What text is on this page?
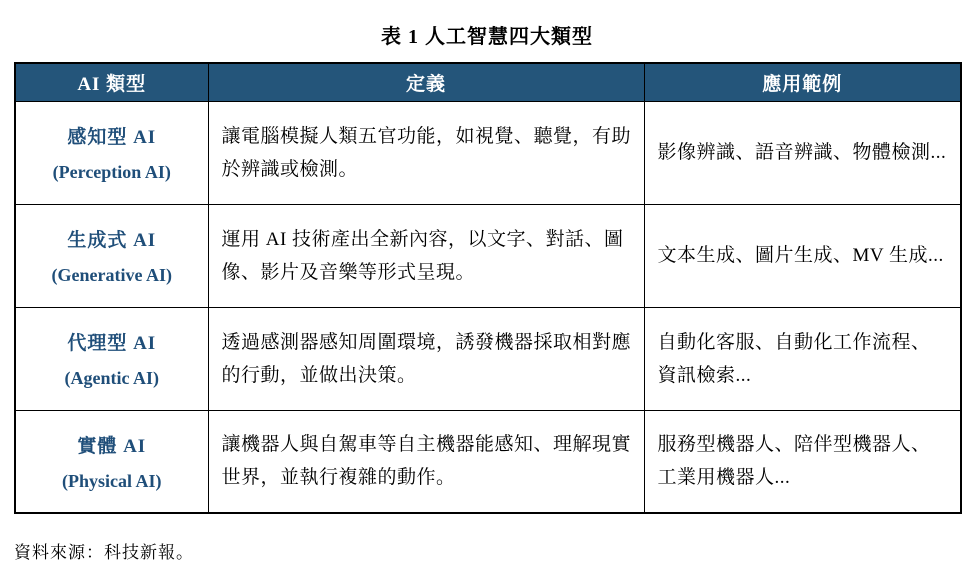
表 1 人工智慧四大類型
AI 類型	定義	應用範例

感知型 AI
(Perception AI)	讓電腦模擬人類五官功能，如視覺、聽覺，有助於辨識或檢測。	影像辨識、語音辨識、物體檢測...

生成式 AI
(Generative AI)	運用 AI 技術產出全新內容，以文字、對話、圖像、影片及音樂等形式呈現。	文本生成、圖片生成、MV 生成...

代理型 AI
(Agentic AI)	透過感測器感知周圍環境，誘發機器採取相對應的行動，並做出決策。	自動化客服、自動化工作流程、資訊檢索...

實體 AI
(Physical AI)	讓機器人與自駕車等自主機器能感知、理解現實世界，並執行複雜的動作。	服務型機器人、陪伴型機器人、工業用機器人...
資料來源：科技新報。
